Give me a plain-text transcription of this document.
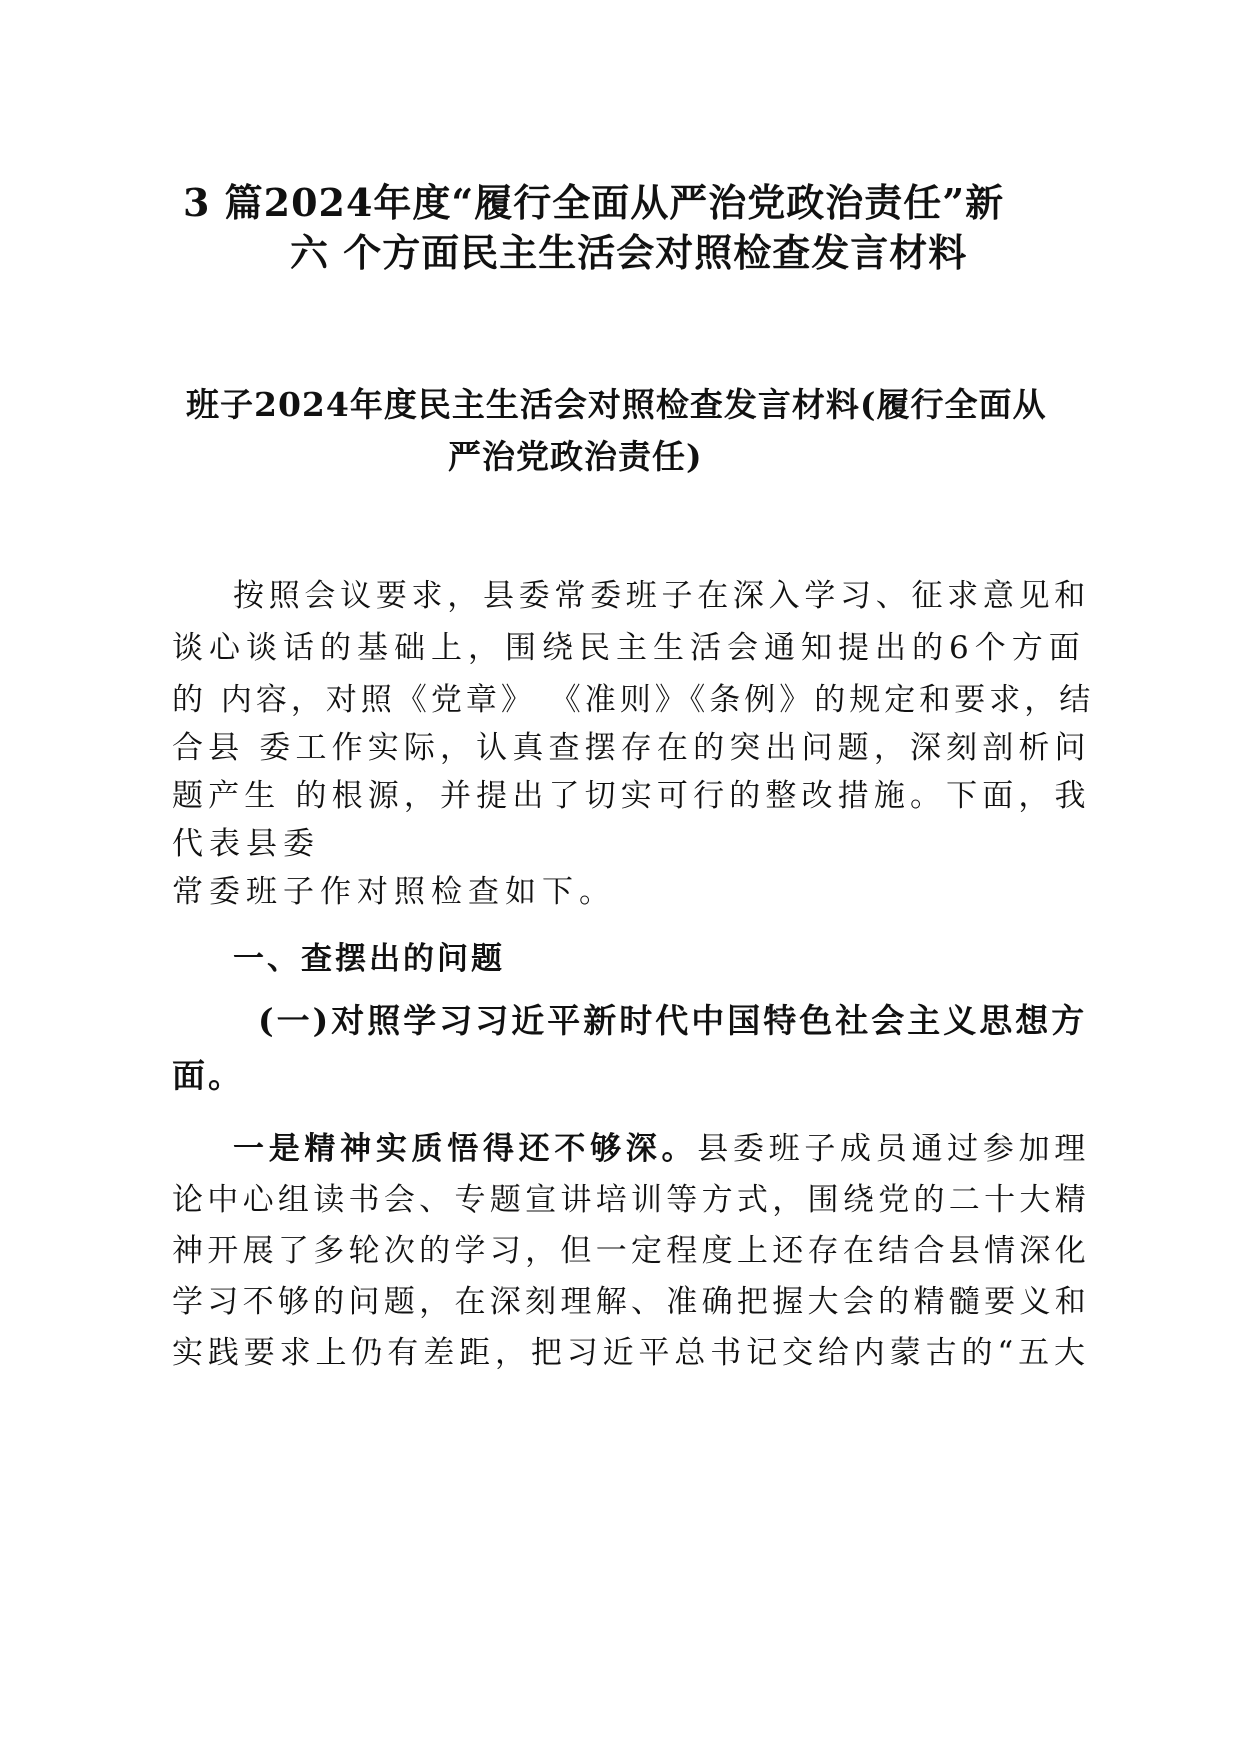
3 篇2024年度“履行全面从严治党政治责任”新
六 个方面民主生活会对照检查发言材料
班子2024年度民主生活会对照检查发言材料(履行全面从
严治党政治责任)
按照会议要求，县委常委班子在深入学习、征求意见和
谈心谈话的基础上，围绕民主生活会通知提出的6个方面
的 内容，对照《党章》 《准则》《条例》的规定和要求，结
合县 委工作实际，认真查摆存在的突出问题，深刻剖析问
题产生 的根源，并提出了切实可行的整改措施。下面，我
代表县委
常委班子作对照检查如下。
一、查摆出的问题
(一)对照学习习近平新时代中国特色社会主义思想方
面。
一是精神实质悟得还不够深。县委班子成员通过参加理
论中心组读书会、专题宣讲培训等方式，围绕党的二十大精
神开展了多轮次的学习，但一定程度上还存在结合县情深化
学习不够的问题，在深刻理解、准确把握大会的精髓要义和
实践要求上仍有差距，把习近平总书记交给内蒙古的“五大
